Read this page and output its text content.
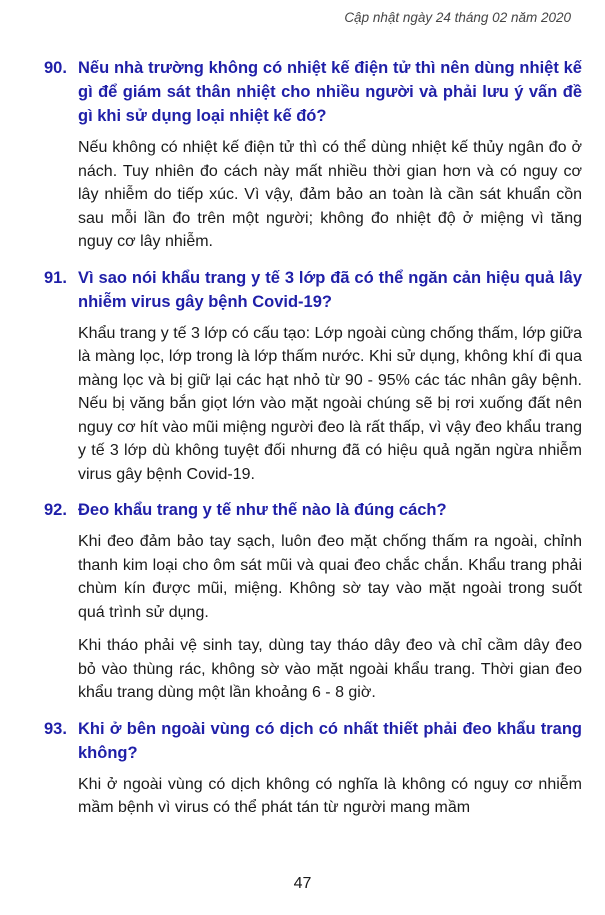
Cập nhật ngày 24 tháng 02 năm 2020
90. Nếu nhà trường không có nhiệt kế điện tử thì nên dùng nhiệt kế gì để giám sát thân nhiệt cho nhiều người và phải lưu ý vấn đề gì khi sử dụng loại nhiệt kế đó?

Nếu không có nhiệt kế điện tử thì có thể dùng nhiệt kế thủy ngân đo ở nách. Tuy nhiên đo cách này mất nhiều thời gian hơn và có nguy cơ lây nhiễm do tiếp xúc. Vì vậy, đảm bảo an toàn là cần sát khuẩn cồn sau mỗi lần đo trên một người; không đo nhiệt độ ở miệng vì tăng nguy cơ lây nhiễm.

91. Vì sao nói khẩu trang y tế 3 lớp đã có thể ngăn cản hiệu quả lây nhiễm virus gây bệnh Covid-19?

Khẩu trang y tế 3 lớp có cấu tạo: Lớp ngoài cùng chống thấm, lớp giữa là màng lọc, lớp trong là lớp thấm nước. Khi sử dụng, không khí đi qua màng lọc và bị giữ lại các hạt nhỏ từ 90 - 95% các tác nhân gây bệnh. Nếu bị văng bắn giọt lớn vào mặt ngoài chúng sẽ bị rơi xuống đất nên nguy cơ hít vào mũi miệng người đeo là rất thấp, vì vậy đeo khẩu trang y tế 3 lớp dù không tuyệt đối nhưng đã có hiệu quả ngăn ngừa nhiễm virus gây bệnh Covid-19.

92. Đeo khẩu trang y tế như thế nào là đúng cách?

Khi đeo đảm bảo tay sạch, luôn đeo mặt chống thấm ra ngoài, chỉnh thanh kim loại cho ôm sát mũi và quai đeo chắc chắn. Khẩu trang phải chùm kín được mũi, miệng. Không sờ tay vào mặt ngoài trong suốt quá trình sử dụng.

Khi tháo phải vệ sinh tay, dùng tay tháo dây đeo và chỉ cầm dây đeo bỏ vào thùng rác, không sờ vào mặt ngoài khẩu trang. Thời gian đeo khẩu trang dùng một lần khoảng 6 - 8 giờ.

93. Khi ở bên ngoài vùng có dịch có nhất thiết phải đeo khẩu trang không?

Khi ở ngoài vùng có dịch không có nghĩa là không có nguy cơ nhiễm mầm bệnh vì virus có thể phát tán từ người mang mầm

47
